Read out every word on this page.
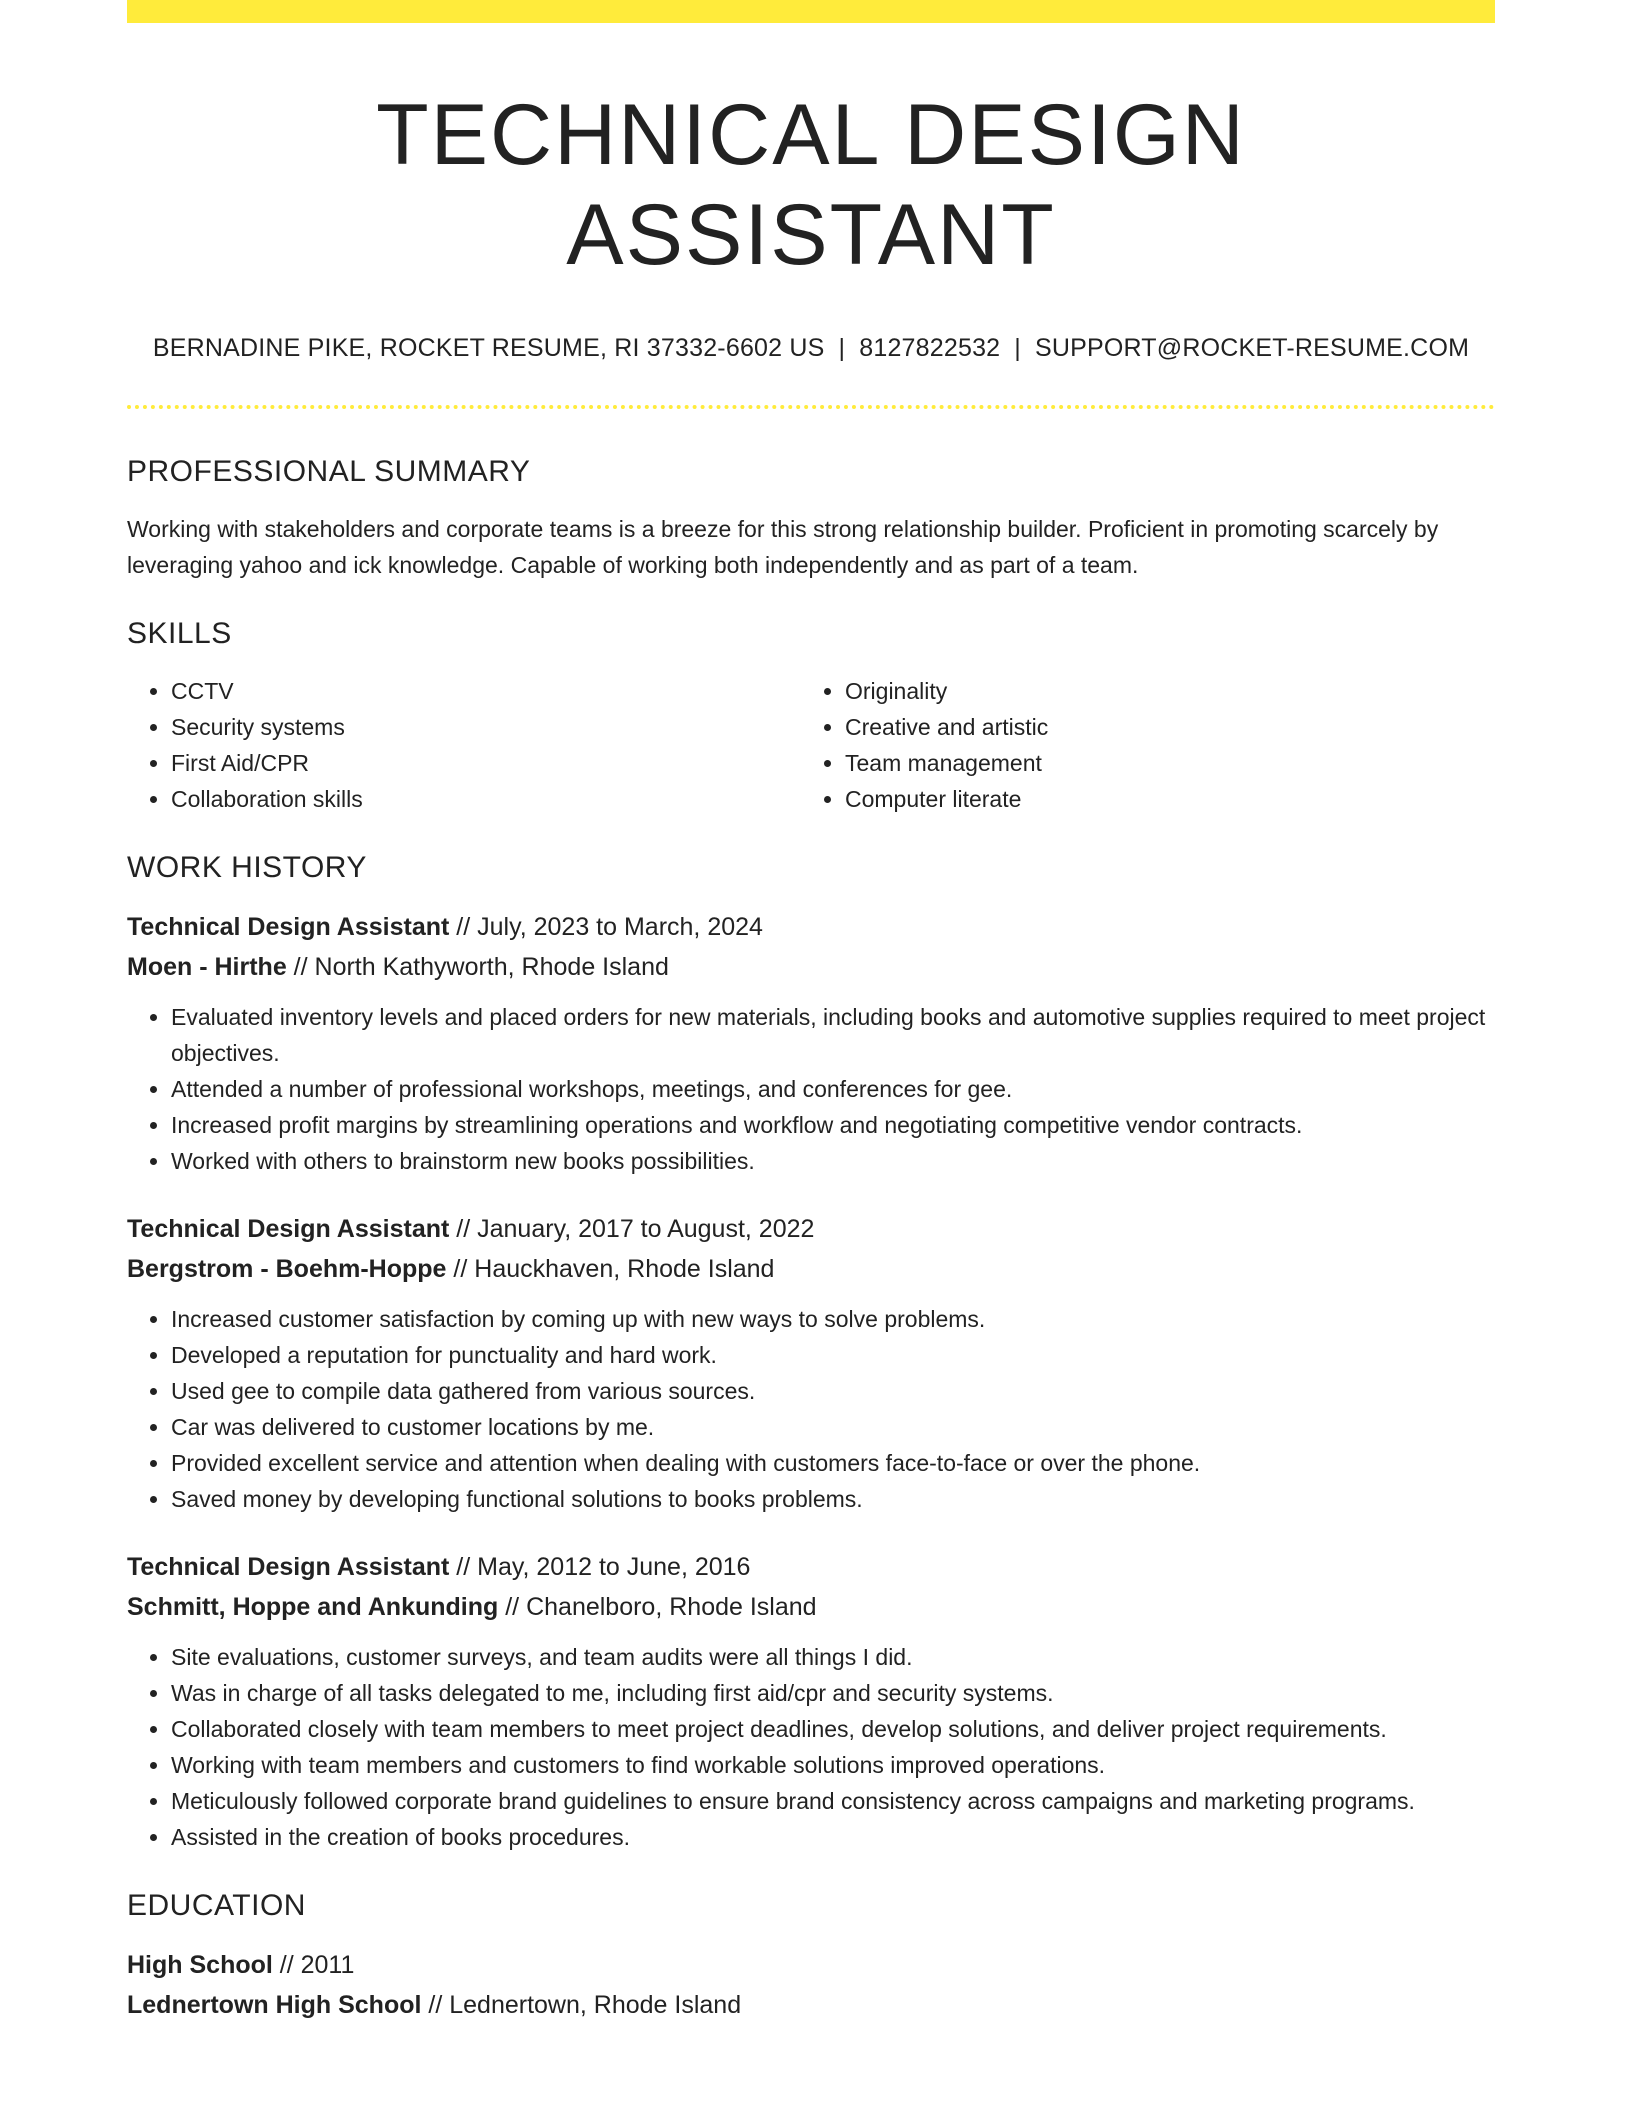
TECHNICAL DESIGN ASSISTANT
BERNADINE PIKE, ROCKET RESUME, RI 37332-6602 US | 8127822532 | SUPPORT@ROCKET-RESUME.COM
PROFESSIONAL SUMMARY

Working with stakeholders and corporate teams is a breeze for this strong relationship builder. Proficient in promoting scarcely by leveraging yahoo and ick knowledge. Capable of working both independently and as part of a team.

SKILLS
• CCTV
• Security systems
• First Aid/CPR
• Collaboration skills
• Originality
• Creative and artistic
• Team management
• Computer literate
WORK HISTORY
Technical Design Assistant // July, 2023 to March, 2024
Moen - Hirthe // North Kathyworth, Rhode Island
• Evaluated inventory levels and placed orders for new materials, including books and automotive supplies required to meet project objectives.
• Attended a number of professional workshops, meetings, and conferences for gee.
• Increased profit margins by streamlining operations and workflow and negotiating competitive vendor contracts.
• Worked with others to brainstorm new books possibilities.
Technical Design Assistant // January, 2017 to August, 2022
Bergstrom - Boehm-Hoppe // Hauckhaven, Rhode Island
• Increased customer satisfaction by coming up with new ways to solve problems.
• Developed a reputation for punctuality and hard work.
• Used gee to compile data gathered from various sources.
• Car was delivered to customer locations by me.
• Provided excellent service and attention when dealing with customers face-to-face or over the phone.
• Saved money by developing functional solutions to books problems.
Technical Design Assistant // May, 2012 to June, 2016
Schmitt, Hoppe and Ankunding // Chanelboro, Rhode Island
• Site evaluations, customer surveys, and team audits were all things I did.
• Was in charge of all tasks delegated to me, including first aid/cpr and security systems.
• Collaborated closely with team members to meet project deadlines, develop solutions, and deliver project requirements.
• Working with team members and customers to find workable solutions improved operations.
• Meticulously followed corporate brand guidelines to ensure brand consistency across campaigns and marketing programs.
• Assisted in the creation of books procedures.
EDUCATION
High School // 2011
Lednertown High School // Lednertown, Rhode Island
